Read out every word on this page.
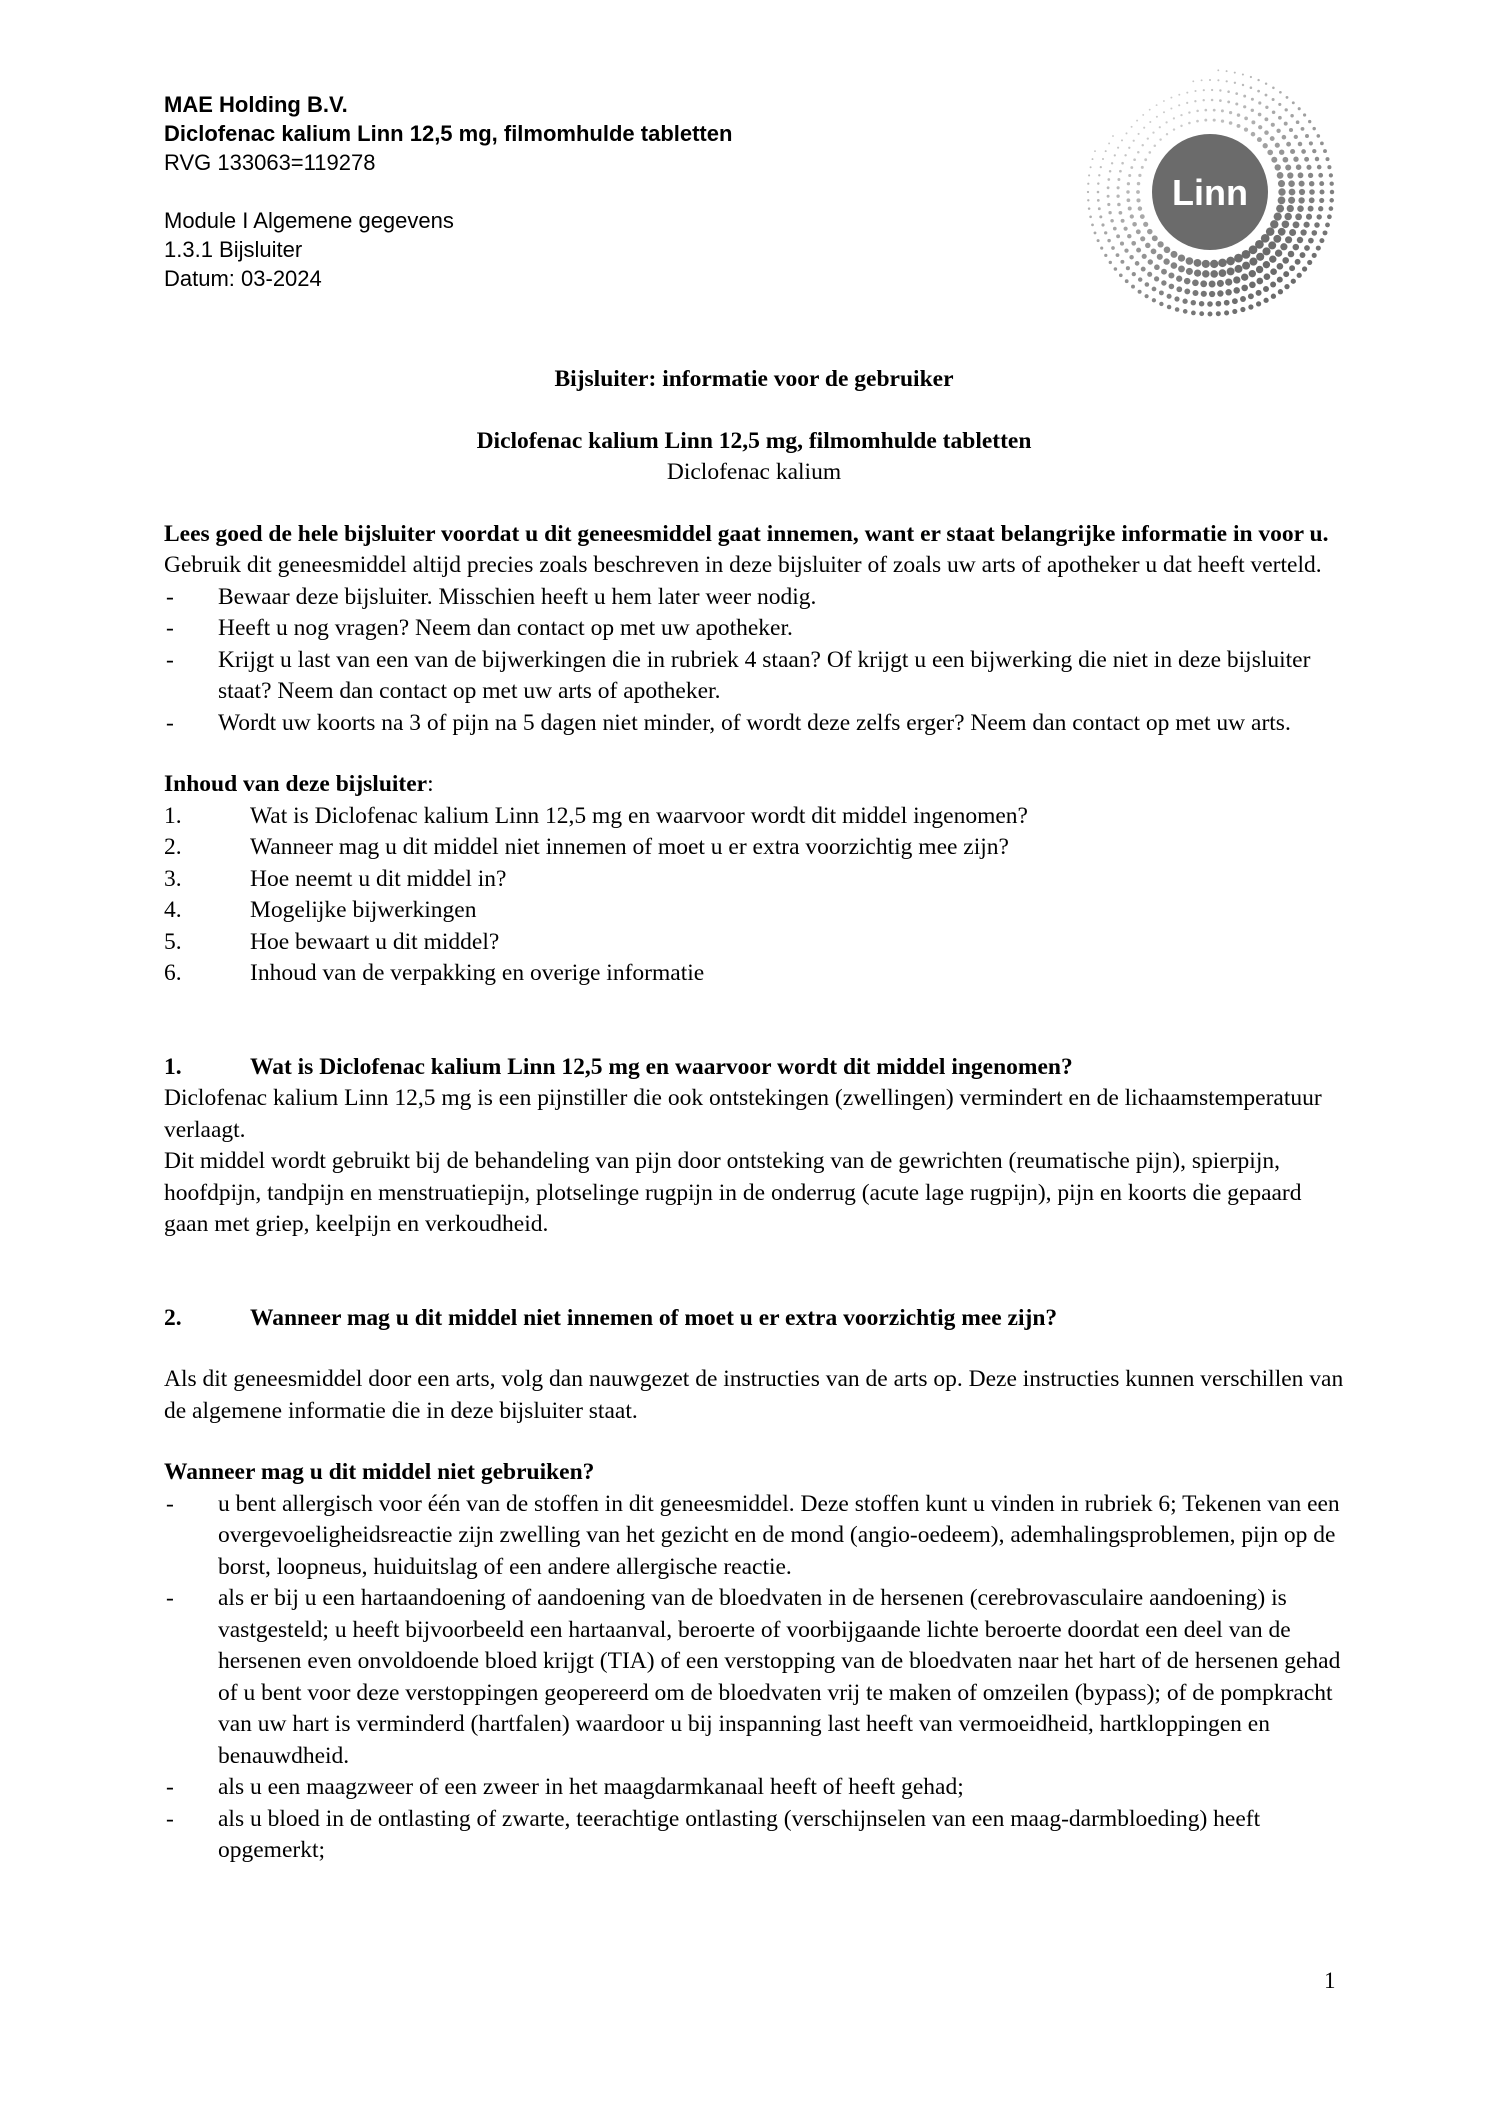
MAE Holding B.V.
Diclofenac kalium Linn 12,5 mg, filmomhulde tabletten
RVG 133063=119278
Module I Algemene gegevens
1.3.1 Bijsluiter
Datum: 03-2024
Linn

Bijsluiter: informatie voor de gebruiker

Diclofenac kalium Linn 12,5 mg, filmomhulde tabletten

Diclofenac kalium

Lees goed de hele bijsluiter voordat u dit geneesmiddel gaat innemen, want er staat belangrijke informatie in voor u.

Gebruik dit geneesmiddel altijd precies zoals beschreven in deze bijsluiter of zoals uw arts of apotheker u dat heeft verteld.

- Bewaar deze bijsluiter. Misschien heeft u hem later weer nodig.
- Heeft u nog vragen? Neem dan contact op met uw apotheker.
- Krijgt u last van een van de bijwerkingen die in rubriek 4 staan? Of krijgt u een bijwerking die niet in deze bijsluiter staat? Neem dan contact op met uw arts of apotheker.
- Wordt uw koorts na 3 of pijn na 5 dagen niet minder, of wordt deze zelfs erger? Neem dan contact op met uw arts.

Inhoud van deze bijsluiter:

1.	Wat is Diclofenac kalium Linn 12,5 mg en waarvoor wordt dit middel ingenomen?
2.	Wanneer mag u dit middel niet innemen of moet u er extra voorzichtig mee zijn?
3.	Hoe neemt u dit middel in?
4.	Mogelijke bijwerkingen
5.	Hoe bewaart u dit middel?
6.	Inhoud van de verpakking en overige informatie
1.	Wat is Diclofenac kalium Linn 12,5 mg en waarvoor wordt dit middel ingenomen?

Diclofenac kalium Linn 12,5 mg is een pijnstiller die ook ontstekingen (zwellingen) vermindert en de lichaamstemperatuur verlaagt.

Dit middel wordt gebruikt bij de behandeling van pijn door ontsteking van de gewrichten (reumatische pijn), spierpijn, hoofdpijn, tandpijn en menstruatiepijn, plotselinge rugpijn in de onderrug (acute lage rugpijn), pijn en koorts die gepaard gaan met griep, keelpijn en verkoudheid.

2.	Wanneer mag u dit middel niet innemen of moet u er extra voorzichtig mee zijn?

Als dit geneesmiddel door een arts, volg dan nauwgezet de instructies van de arts op. Deze instructies kunnen verschillen van de algemene informatie die in deze bijsluiter staat.

Wanneer mag u dit middel niet gebruiken?

- u bent allergisch voor één van de stoffen in dit geneesmiddel. Deze stoffen kunt u vinden in rubriek 6; Tekenen van een overgevoeligheidsreactie zijn zwelling van het gezicht en de mond (angio-oedeem), ademhalingsproblemen, pijn op de borst, loopneus, huiduitslag of een andere allergische reactie.
- als er bij u een hartaandoening of aandoening van de bloedvaten in de hersenen (cerebrovasculaire aandoening) is vastgesteld; u heeft bijvoorbeeld een hartaanval, beroerte of voorbijgaande lichte beroerte doordat een deel van de hersenen even onvoldoende bloed krijgt (TIA) of een verstopping van de bloedvaten naar het hart of de hersenen gehad of u bent voor deze verstoppingen geopereerd om de bloedvaten vrij te maken of omzeilen (bypass); of de pompkracht van uw hart is verminderd (hartfalen) waardoor u bij inspanning last heeft van vermoeidheid, hartkloppingen en benauwdheid.
- als u een maagzweer of een zweer in het maagdarmkanaal heeft of heeft gehad;
- als u bloed in de ontlasting of zwarte, teerachtige ontlasting (verschijnselen van een maag-darmbloeding) heeft opgemerkt;
1
